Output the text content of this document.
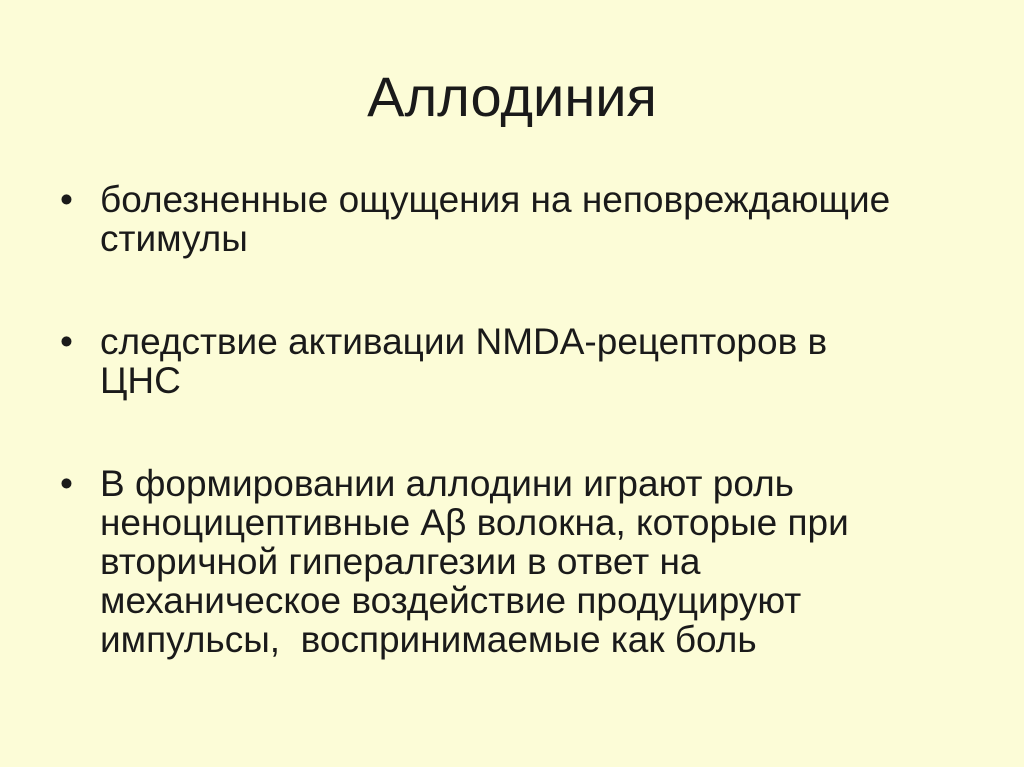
Аллодиния
• болезненные ощущения на неповреждающие
стимулы
• следствие активации NMDA-рецепторов в
ЦНС
• В формировании аллодини играют роль
неноцицептивные Aβ волокна, которые при
вторичной гипералгезии в ответ на
механическое воздействие продуцируют
импульсы,  воспринимаемые как боль
